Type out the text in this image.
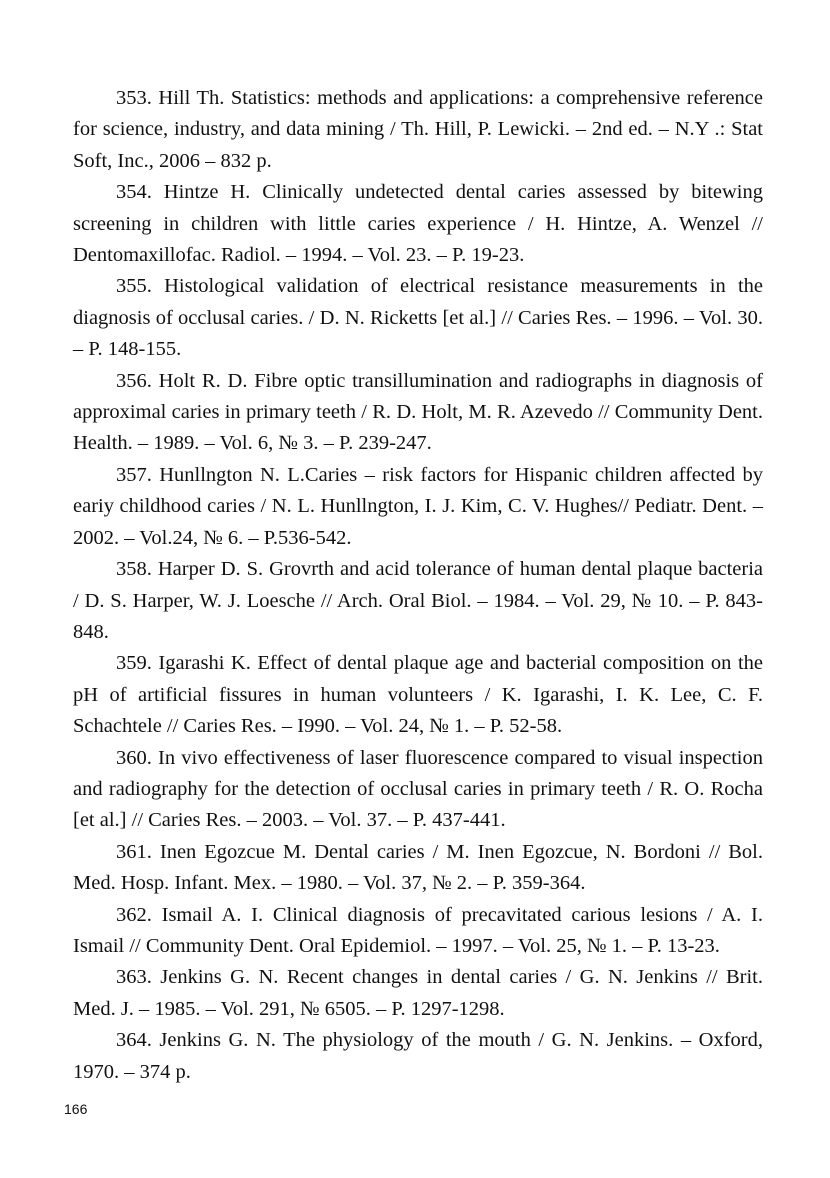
353. Hill Th. Statistics: methods and applications: a comprehensive reference for science, industry, and data mining / Th. Hill, P. Lewicki. – 2nd ed. – N.Y .: Stat Soft, Inc., 2006 – 832 p.

354. Hintze H. Clinically undetected dental caries assessed by bitewing screening in children with little caries experience / H. Hintze, A. Wenzel // Dentomaxillofac. Radiol. – 1994. – Vol. 23. – P. 19-23.

355. Histological validation of electrical resistance measurements in the diagnosis of occlusal caries. / D. N. Ricketts [et al.] // Caries Res. – 1996. – Vol. 30. – P. 148-155.

356. Holt R. D. Fibre optic transillumination and radiographs in diagnosis of approximal caries in primary teeth / R. D. Holt, M. R. Azevedo // Community Dent. Health. – 1989. – Vol. 6, № 3. – P. 239-247.

357. Hunllngton N. L.Caries – risk factors for Hispanic children affected by eariy childhood caries / N. L. Hunllngton, I. J. Kim, C. V. Hughes// Pediatr. Dent. – 2002. – Vol.24, № 6. – P.536-542.

358. Harper D. S. Grovrth and acid tolerance of human dental plaque bacteria / D. S. Harper, W. J. Loesche // Arch. Oral Biol. – 1984. – Vol. 29, № 10. – P. 843-848.

359. Igarashi K. Effect of dental plaque age and bacterial composition on the pH of artificial fissures in human volunteers / K. Igarashi, I. K. Lee, C. F. Schachtele // Caries Res. – I990. – Vol. 24, № 1. – P. 52-58.

360. In vivo effectiveness of laser fluorescence compared to visual inspection and radiography for the detection of occlusal caries in primary teeth / R. O. Rocha [et al.] // Caries Res. – 2003. – Vol. 37. – P. 437-441.

361. Inen Egozcue M. Dental caries / M. Inen Egozcue, N. Bordoni // Bol. Med. Hosp. Infant. Mex. – 1980. – Vol. 37, № 2. – P. 359-364.

362. Ismail A. I. Clinical diagnosis of precavitated carious lesions / A. I. Ismail // Community Dent. Oral Epidemiol. – 1997. – Vol. 25, № 1. – P. 13-23.

363. Jenkins G. N. Recent changes in dental caries / G. N. Jenkins // Brit. Med. J. – 1985. – Vol. 291, № 6505. – P. 1297-1298.

364. Jenkins G. N. The physiology of the mouth / G. N. Jenkins. – Oxford, 1970. – 374 p.

166
